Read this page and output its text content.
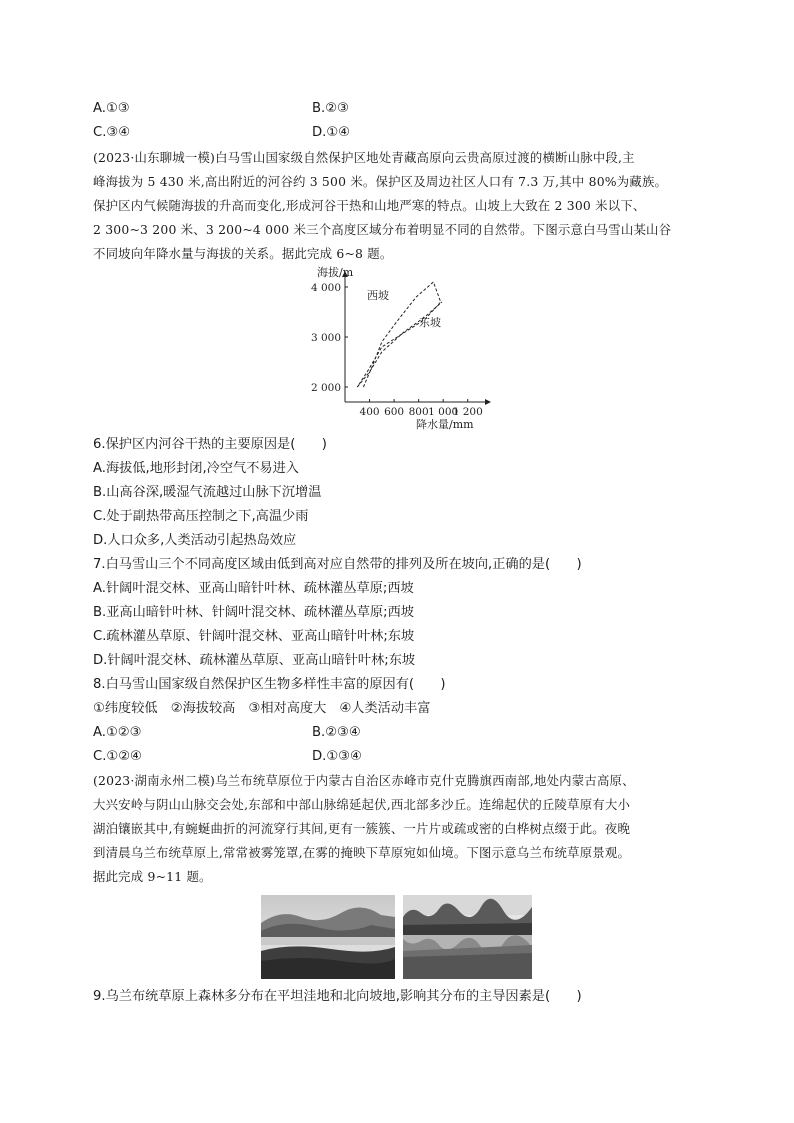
A.①③	B.②③
C.③④	D.①④
(2023·山东聊城一模)白马雪山国家级自然保护区地处青藏高原向云贵高原过渡的横断山脉中段,主
峰海拔为 5 430 米,高出附近的河谷约 3 500 米。保护区及周边社区人口有 7.3 万,其中 80%为藏族。
保护区内气候随海拔的升高而变化,形成河谷干热和山地严寒的特点。山坡上大致在 2 300 米以下、
2 300~3 200 米、3 200~4 000 米三个高度区域分布着明显不同的自然带。下图示意白马雪山某山谷
不同坡向年降水量与海拔的关系。据此完成 6~8 题。
海拔/m
降水量/mm
2 000
3 000
4 000
400 600 800 1 000
1 200
西坡
东坡
6.保护区内河谷干热的主要原因是(　　)
A.海拔低,地形封闭,冷空气不易进入
B.山高谷深,暖湿气流越过山脉下沉增温
C.处于副热带高压控制之下,高温少雨
D.人口众多,人类活动引起热岛效应
7.白马雪山三个不同高度区域由低到高对应自然带的排列及所在坡向,正确的是(　　)
A.针阔叶混交林、亚高山暗针叶林、疏林灌丛草原;西坡
B.亚高山暗针叶林、针阔叶混交林、疏林灌丛草原;西坡
C.疏林灌丛草原、针阔叶混交林、亚高山暗针叶林;东坡
D.针阔叶混交林、疏林灌丛草原、亚高山暗针叶林;东坡
8.白马雪山国家级自然保护区生物多样性丰富的原因有(　　)
①纬度较低　②海拔较高　③相对高度大　④人类活动丰富
A.①②③	B.②③④
C.①②④	D.①③④
(2023·湖南永州二模)乌兰布统草原位于内蒙古自治区赤峰市克什克腾旗西南部,地处内蒙古高原、
大兴安岭与阴山山脉交会处,东部和中部山脉绵延起伏,西北部多沙丘。连绵起伏的丘陵草原有大小
湖泊镶嵌其中,有蜿蜒曲折的河流穿行其间,更有一簇簇、一片片或疏或密的白桦树点缀于此。夜晚
到清晨乌兰布统草原上,常常被雾笼罩,在雾的掩映下草原宛如仙境。下图示意乌兰布统草原景观。
据此完成 9~11 题。
9.乌兰布统草原上森林多分布在平坦洼地和北向坡地,影响其分布的主导因素是(　　)
